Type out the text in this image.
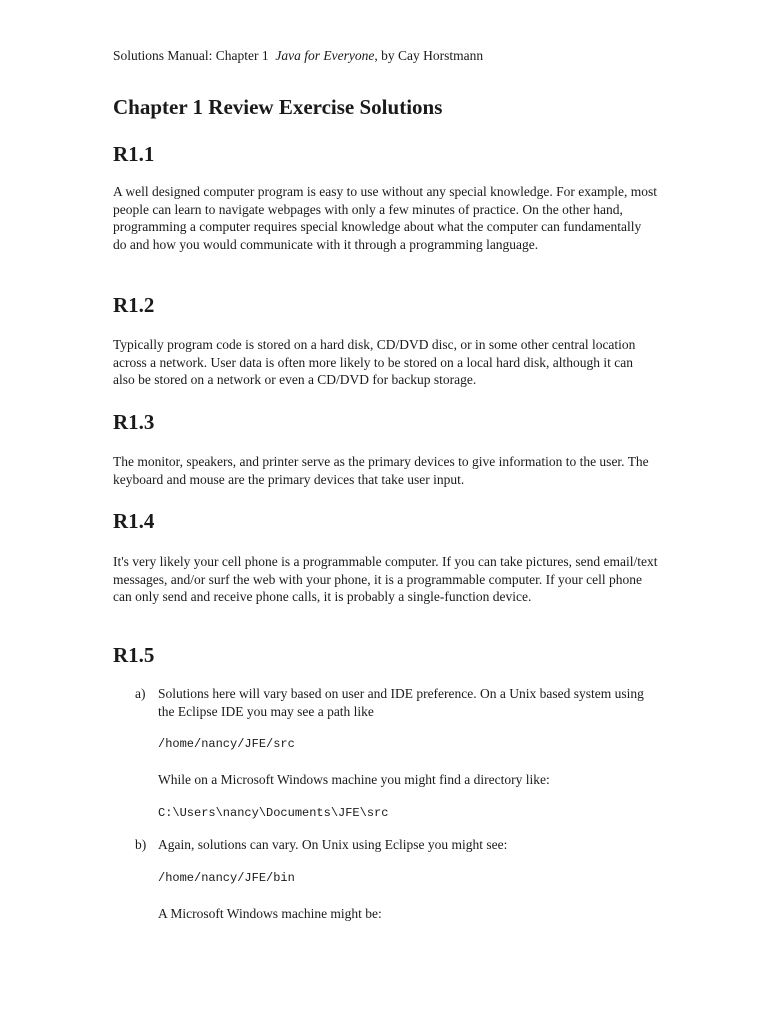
Solutions Manual: Chapter 1 Java for Everyone, by Cay Horstmann
Chapter 1 Review Exercise Solutions
R1.1

A well designed computer program is easy to use without any special knowledge. For example, most people can learn to navigate webpages with only a few minutes of practice. On the other hand, programming a computer requires special knowledge about what the computer can fundamentally do and how you would communicate with it through a programming language.

R1.2

Typically program code is stored on a hard disk, CD/DVD disc, or in some other central location across a network. User data is often more likely to be stored on a local hard disk, although it can also be stored on a network or even a CD/DVD for backup storage.

R1.3

The monitor, speakers, and printer serve as the primary devices to give information to the user. The keyboard and mouse are the primary devices that take user input.

R1.4

It's very likely your cell phone is a programmable computer. If you can take pictures, send email/text messages, and/or surf the web with your phone, it is a programmable computer. If your cell phone can only send and receive phone calls, it is probably a single-function device.

R1.5
a) Solutions here will vary based on user and IDE preference. On a Unix based system using the Eclipse IDE you may see a path like
/home/nancy/JFE/src
While on a Microsoft Windows machine you might find a directory like:
C:\Users\nancy\Documents\JFE\src
b) Again, solutions can vary. On Unix using Eclipse you might see:
/home/nancy/JFE/bin
A Microsoft Windows machine might be:
